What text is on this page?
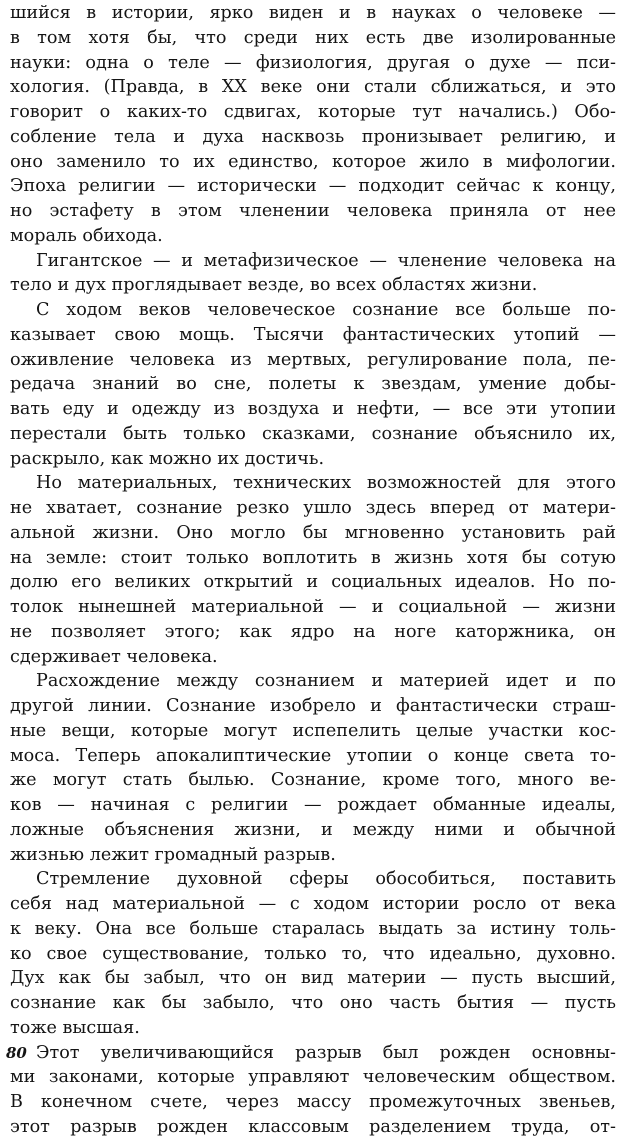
шийся в истории, ярко виден и в науках о человеке —
в том хотя бы, что среди них есть две изолированные
науки: одна о теле — физиология, другая о духе — пси-
хология. (Правда, в XX веке они стали сближаться, и это
говорит о каких-то сдвигах, которые тут начались.) Обо-
собление тела и духа насквозь пронизывает религию, и
оно заменило то их единство, которое жило в мифологии.
Эпоха религии — исторически — подходит сейчас к концу,
но эстафету в этом членении человека приняла от нее
мораль обихода.
Гигантское — и метафизическое — членение человека на
тело и дух проглядывает везде, во всех областях жизни.
С ходом веков человеческое сознание все больше по-
казывает свою мощь. Тысячи фантастических утопий —
оживление человека из мертвых, регулирование пола, пе-
редача знаний во сне, полеты к звездам, умение добы-
вать еду и одежду из воздуха и нефти, — все эти утопии
перестали быть только сказками, сознание объяснило их,
раскрыло, как можно их достичь.
Но материальных, технических возможностей для этого
не хватает, сознание резко ушло здесь вперед от матери-
альной жизни. Оно могло бы мгновенно установить рай
на земле: стоит только воплотить в жизнь хотя бы сотую
долю его великих открытий и социальных идеалов. Но по-
толок нынешней материальной — и социальной — жизни
не позволяет этого; как ядро на ноге каторжника, он
сдерживает человека.
Расхождение между сознанием и материей идет и по
другой линии. Сознание изобрело и фантастически страш-
ные вещи, которые могут испепелить целые участки кос-
моса. Теперь апокалиптические утопии о конце света то-
же могут стать былью. Сознание, кроме того, много ве-
ков — начиная с религии — рождает обманные идеалы,
ложные объяснения жизни, и между ними и обычной
жизнью лежит громадный разрыв.
Стремление духовной сферы обособиться, поставить
себя над материальной — с ходом истории росло от века
к веку. Она все больше старалась выдать за истину толь-
ко свое существование, только то, что идеально, духовно.
Дух как бы забыл, что он вид материи — пусть высший,
сознание как бы забыло, что оно часть бытия — пусть
тоже высшая.
Этот увеличивающийся разрыв был рожден основны-
ми законами, которые управляют человеческим обществом.
В конечном счете, через массу промежуточных звеньев,
этот разрыв рожден классовым разделением труда, от-
80
